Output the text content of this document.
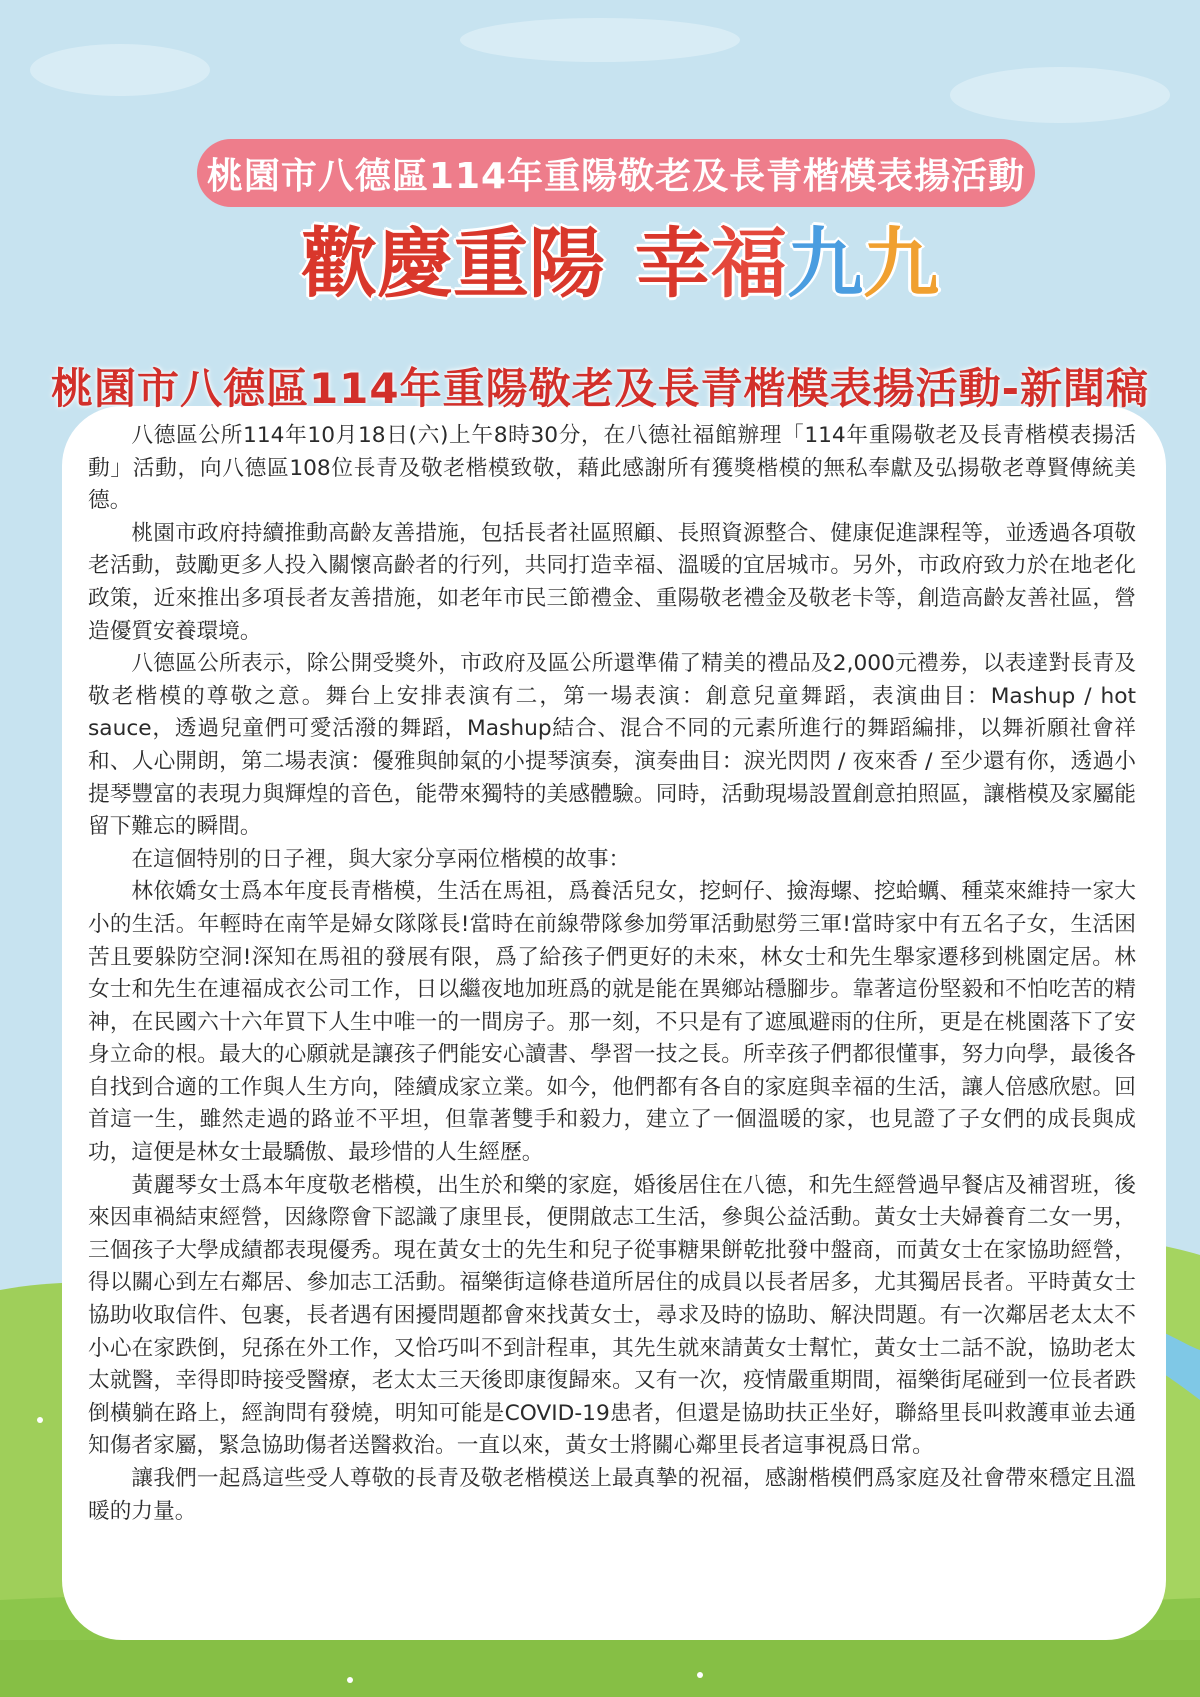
桃園市八德區114年重陽敬老及長青楷模表揚活動
歡 慶 重 陽 幸 福 九 九
桃園市八德區114年重陽敬老及長青楷模表揚活動-新聞稿

八德區公所114年10月18日(六)上午8時30分，在八德社福館辦理「114年重陽敬老及長青楷模表揚活動」活動，向八德區108位長青及敬老楷模致敬，藉此感謝所有獲獎楷模的無私奉獻及弘揚敬老尊賢傳統美德。

桃園市政府持續推動高齡友善措施，包括長者社區照顧、長照資源整合、健康促進課程等，並透過各項敬老活動，鼓勵更多人投入關懷高齡者的行列，共同打造幸福、溫暖的宜居城市。另外，市政府致力於在地老化政策，近來推出多項長者友善措施，如老年市民三節禮金、重陽敬老禮金及敬老卡等，創造高齡友善社區，營造優質安養環境。

八德區公所表示，除公開受獎外，市政府及區公所還準備了精美的禮品及2,000元禮劵，以表達對長青及敬老楷模的尊敬之意。舞台上安排表演有二，第一場表演：創意兒童舞蹈，表演曲目：Mashup / hot sauce，透過兒童們可愛活潑的舞蹈，Mashup結合、混合不同的元素所進行的舞蹈編排，以舞祈願社會祥和、人心開朗，第二場表演：優雅與帥氣的小提琴演奏，演奏曲目：淚光閃閃 / 夜來香 / 至少還有你，透過小提琴豐富的表現力與輝煌的音色，能帶來獨特的美感體驗。同時，活動現場設置創意拍照區，讓楷模及家屬能留下難忘的瞬間。

在這個特別的日子裡，與大家分享兩位楷模的故事：

林依嬌女士爲本年度長青楷模，生活在馬祖，爲養活兒女，挖蚵仔、撿海螺、挖蛤蠣、種菜來維持一家大小的生活。年輕時在南竿是婦女隊隊長!當時在前線帶隊參加勞軍活動慰勞三軍!當時家中有五名子女，生活困苦且要躲防空洞!深知在馬祖的發展有限，爲了給孩子們更好的未來，林女士和先生舉家遷移到桃園定居。林女士和先生在連福成衣公司工作，日以繼夜地加班爲的就是能在異鄉站穩腳步。靠著這份堅毅和不怕吃苦的精神，在民國六十六年買下人生中唯一的一間房子。那一刻，不只是有了遮風避雨的住所，更是在桃園落下了安身立命的根。最大的心願就是讓孩子們能安心讀書、學習一技之長。所幸孩子們都很懂事，努力向學，最後各自找到合適的工作與人生方向，陸續成家立業。如今，他們都有各自的家庭與幸福的生活，讓人倍感欣慰。回首這一生，雖然走過的路並不平坦，但靠著雙手和毅力，建立了一個溫暖的家，也見證了子女們的成長與成功，這便是林女士最驕傲、最珍惜的人生經歷。

黃麗琴女士爲本年度敬老楷模，出生於和樂的家庭，婚後居住在八德，和先生經營過早餐店及補習班，後來因車禍結束經營，因緣際會下認識了康里長，便開啟志工生活，參與公益活動。黃女士夫婦養育二女一男，三個孩子大學成績都表現優秀。現在黃女士的先生和兒子從事糖果餅乾批發中盤商，而黃女士在家協助經營，得以關心到左右鄰居、參加志工活動。福樂街這條巷道所居住的成員以長者居多，尤其獨居長者。平時黃女士協助收取信件、包裹，長者遇有困擾問題都會來找黃女士，尋求及時的協助、解決問題。有一次鄰居老太太不小心在家跌倒，兒孫在外工作，又恰巧叫不到計程車，其先生就來請黃女士幫忙，黃女士二話不說，協助老太太就醫，幸得即時接受醫療，老太太三天後即康復歸來。又有一次，疫情嚴重期間，福樂街尾碰到一位長者跌倒橫躺在路上，經詢問有發燒，明知可能是COVID-19患者，但還是協助扶正坐好，聯絡里長叫救護車並去通知傷者家屬，緊急協助傷者送醫救治。一直以來，黃女士將關心鄰里長者這事視爲日常。

讓我們一起爲這些受人尊敬的長青及敬老楷模送上最真摯的祝福，感謝楷模們爲家庭及社會帶來穩定且溫暖的力量。
